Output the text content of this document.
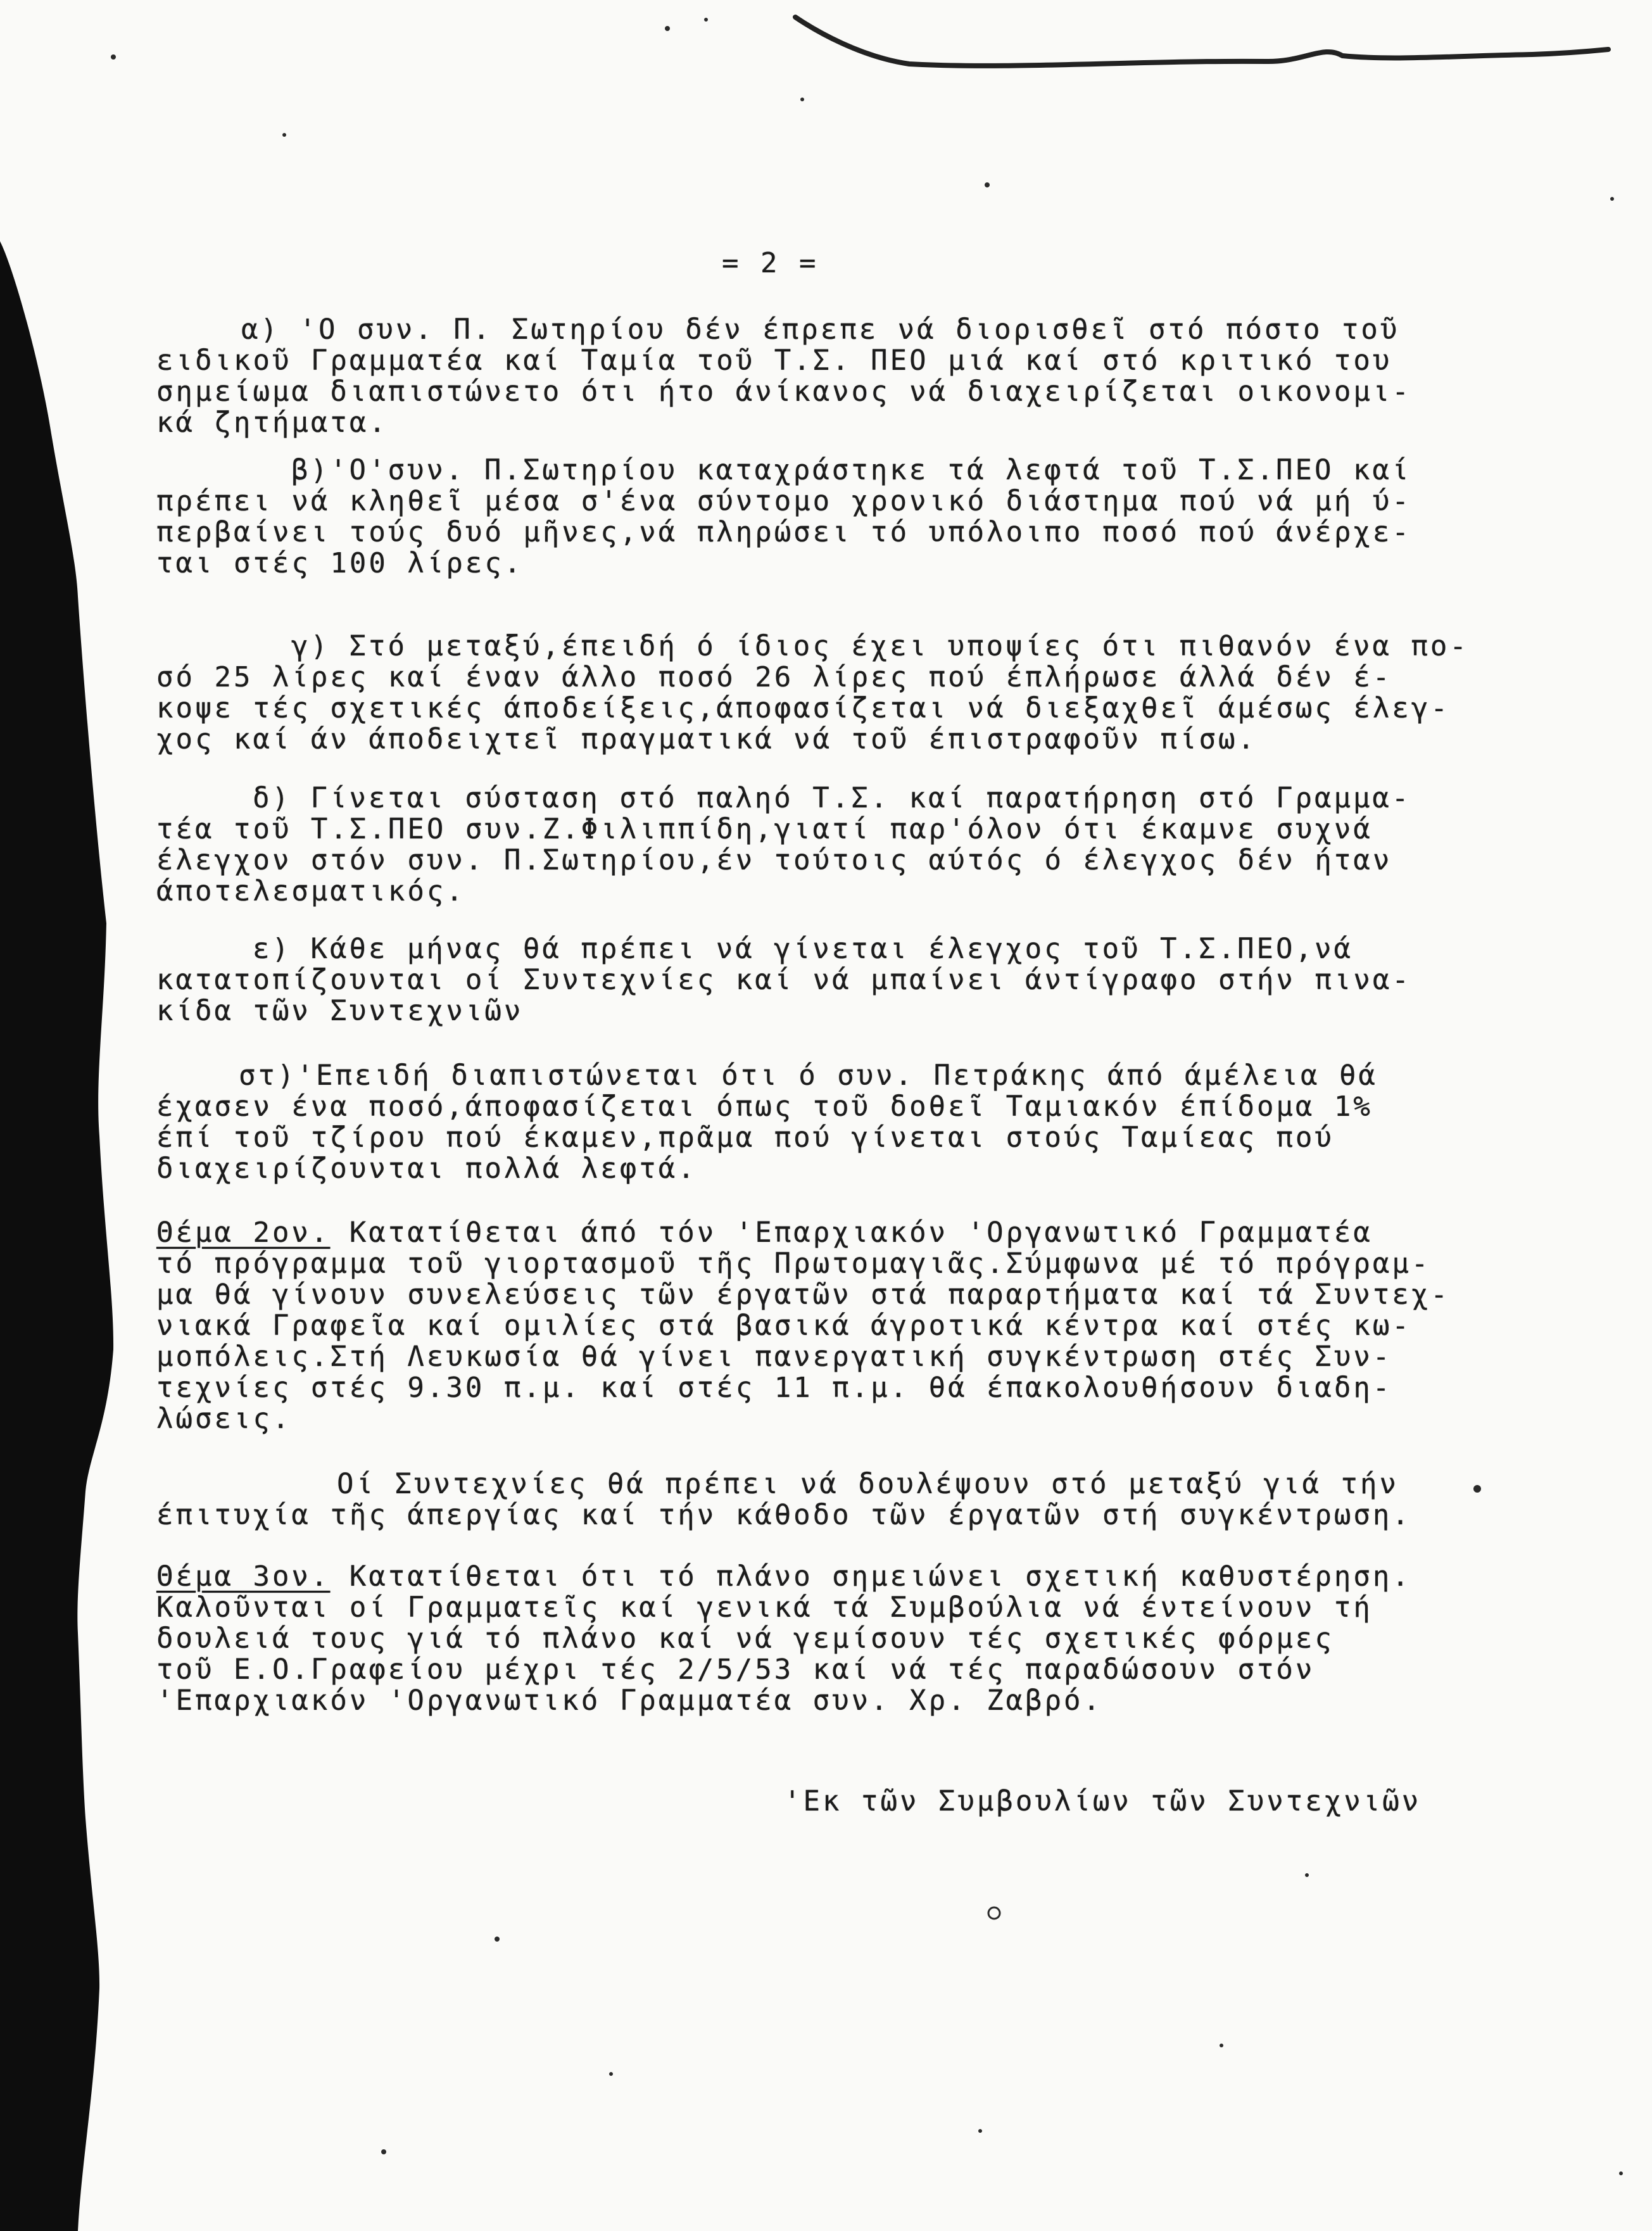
= 2 =
α) 'Ο συν. Π. Σωτηρίου δέν έπρεπε νά διορισθεῖ στό πόστο τοῦ
ειδικοῦ Γραμματέα καί Ταμία τοῦ Τ.Σ. ΠΕΟ μιά καί στό κριτικό του
σημείωμα διαπιστώνετο ότι ήτο άνίκανος νά διαχειρίζεται οικονομι-
κά ζητήματα.
β)'Ο'συν. Π.Σωτηρίου καταχράστηκε τά λεφτά τοῦ Τ.Σ.ΠΕΟ καί
πρέπει νά κληθεῖ μέσα σ'ένα σύντομο χρονικό διάστημα πού νά μή ύ-
περβαίνει τούς δυό μῆνες,νά πληρώσει τό υπόλοιπο ποσό πού άνέρχε-
ται στές 100 λίρες.
γ) Στό μεταξύ,έπειδή ό ίδιος έχει υποψίες ότι πιθανόν ένα πο-
σό 25 λίρες καί έναν άλλο ποσό 26 λίρες πού έπλήρωσε άλλά δέν έ-
κοψε τές σχετικές άποδείξεις,άποφασίζεται νά διεξαχθεῖ άμέσως έλεγ-
χος καί άν άποδειχτεῖ πραγματικά νά τοῦ έπιστραφοῦν πίσω.
δ) Γίνεται σύσταση στό παληό Τ.Σ. καί παρατήρηση στό Γραμμα-
τέα τοῦ Τ.Σ.ΠΕΟ συν.Ζ.Φιλιππίδη,γιατί παρ'όλον ότι έκαμνε συχνά
έλεγχον στόν συν. Π.Σωτηρίου,έν τούτοις αύτός ό έλεγχος δέν ήταν
άποτελεσματικός.
ε) Κάθε μήνας θά πρέπει νά γίνεται έλεγχος τοῦ Τ.Σ.ΠΕΟ,νά
κατατοπίζουνται οί Συντεχνίες καί νά μπαίνει άντίγραφο στήν πινα-
κίδα τῶν Συντεχνιῶν
στ)'Επειδή διαπιστώνεται ότι ό συν. Πετράκης άπό άμέλεια θά
έχασεν ένα ποσό,άποφασίζεται όπως τοῦ δοθεῖ Ταμιακόν έπίδομα 1%
έπί τοῦ τζίρου πού έκαμεν,πρᾶμα πού γίνεται στούς Ταμίεας πού
διαχειρίζουνται πολλά λεφτά.
Θέμα 2ον. Κατατίθεται άπό τόν 'Επαρχιακόν 'Οργανωτικό Γραμματέα
τό πρόγραμμα τοῦ γιορτασμοῦ τῆς Πρωτομαγιᾶς.Σύμφωνα μέ τό πρόγραμ-
μα θά γίνουν συνελεύσεις τῶν έργατῶν στά παραρτήματα καί τά Συντεχ-
νιακά Γραφεῖα καί ομιλίες στά βασικά άγροτικά κέντρα καί στές κω-
μοπόλεις.Στή Λευκωσία θά γίνει πανεργατική συγκέντρωση στές Συν-
τεχνίες στές 9.30 π.μ. καί στές 11 π.μ. θά έπακολουθήσουν διαδη-
λώσεις.
Οί Συντεχνίες θά πρέπει νά δουλέψουν στό μεταξύ γιά τήν
έπιτυχία τῆς άπεργίας καί τήν κάθοδο τῶν έργατῶν στή συγκέντρωση.
Θέμα 3ον. Κατατίθεται ότι τό πλάνο σημειώνει σχετική καθυστέρηση.
Καλοῦνται οί Γραμματεῖς καί γενικά τά Συμβούλια νά έντείνουν τή
δουλειά τους γιά τό πλάνο καί νά γεμίσουν τές σχετικές φόρμες
τοῦ Ε.Ο.Γραφείου μέχρι τές 2/5/53 καί νά τές παραδώσουν στόν
'Επαρχιακόν 'Οργανωτικό Γραμματέα συν. Χρ. Ζαβρό.
'Εκ τῶν Συμβουλίων τῶν Συντεχνιῶν
